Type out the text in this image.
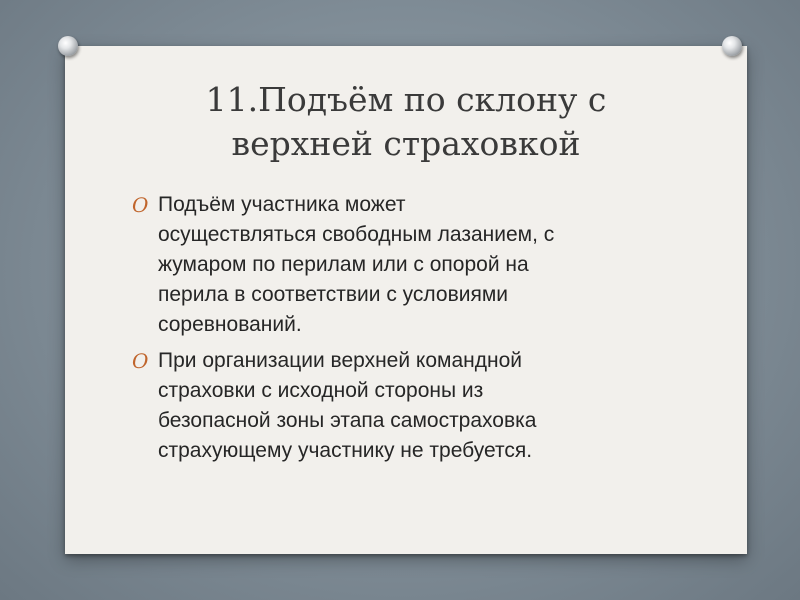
11.Подъём по склону с
верхней страховкой
O Подъём участника может
осуществляться свободным лазанием, с
жумаром по перилам или с опорой на
перила в соответствии с условиями
соревнований.
O При организации верхней командной
страховки с исходной стороны из
безопасной зоны этапа самостраховка
страхующему участнику не требуется.
